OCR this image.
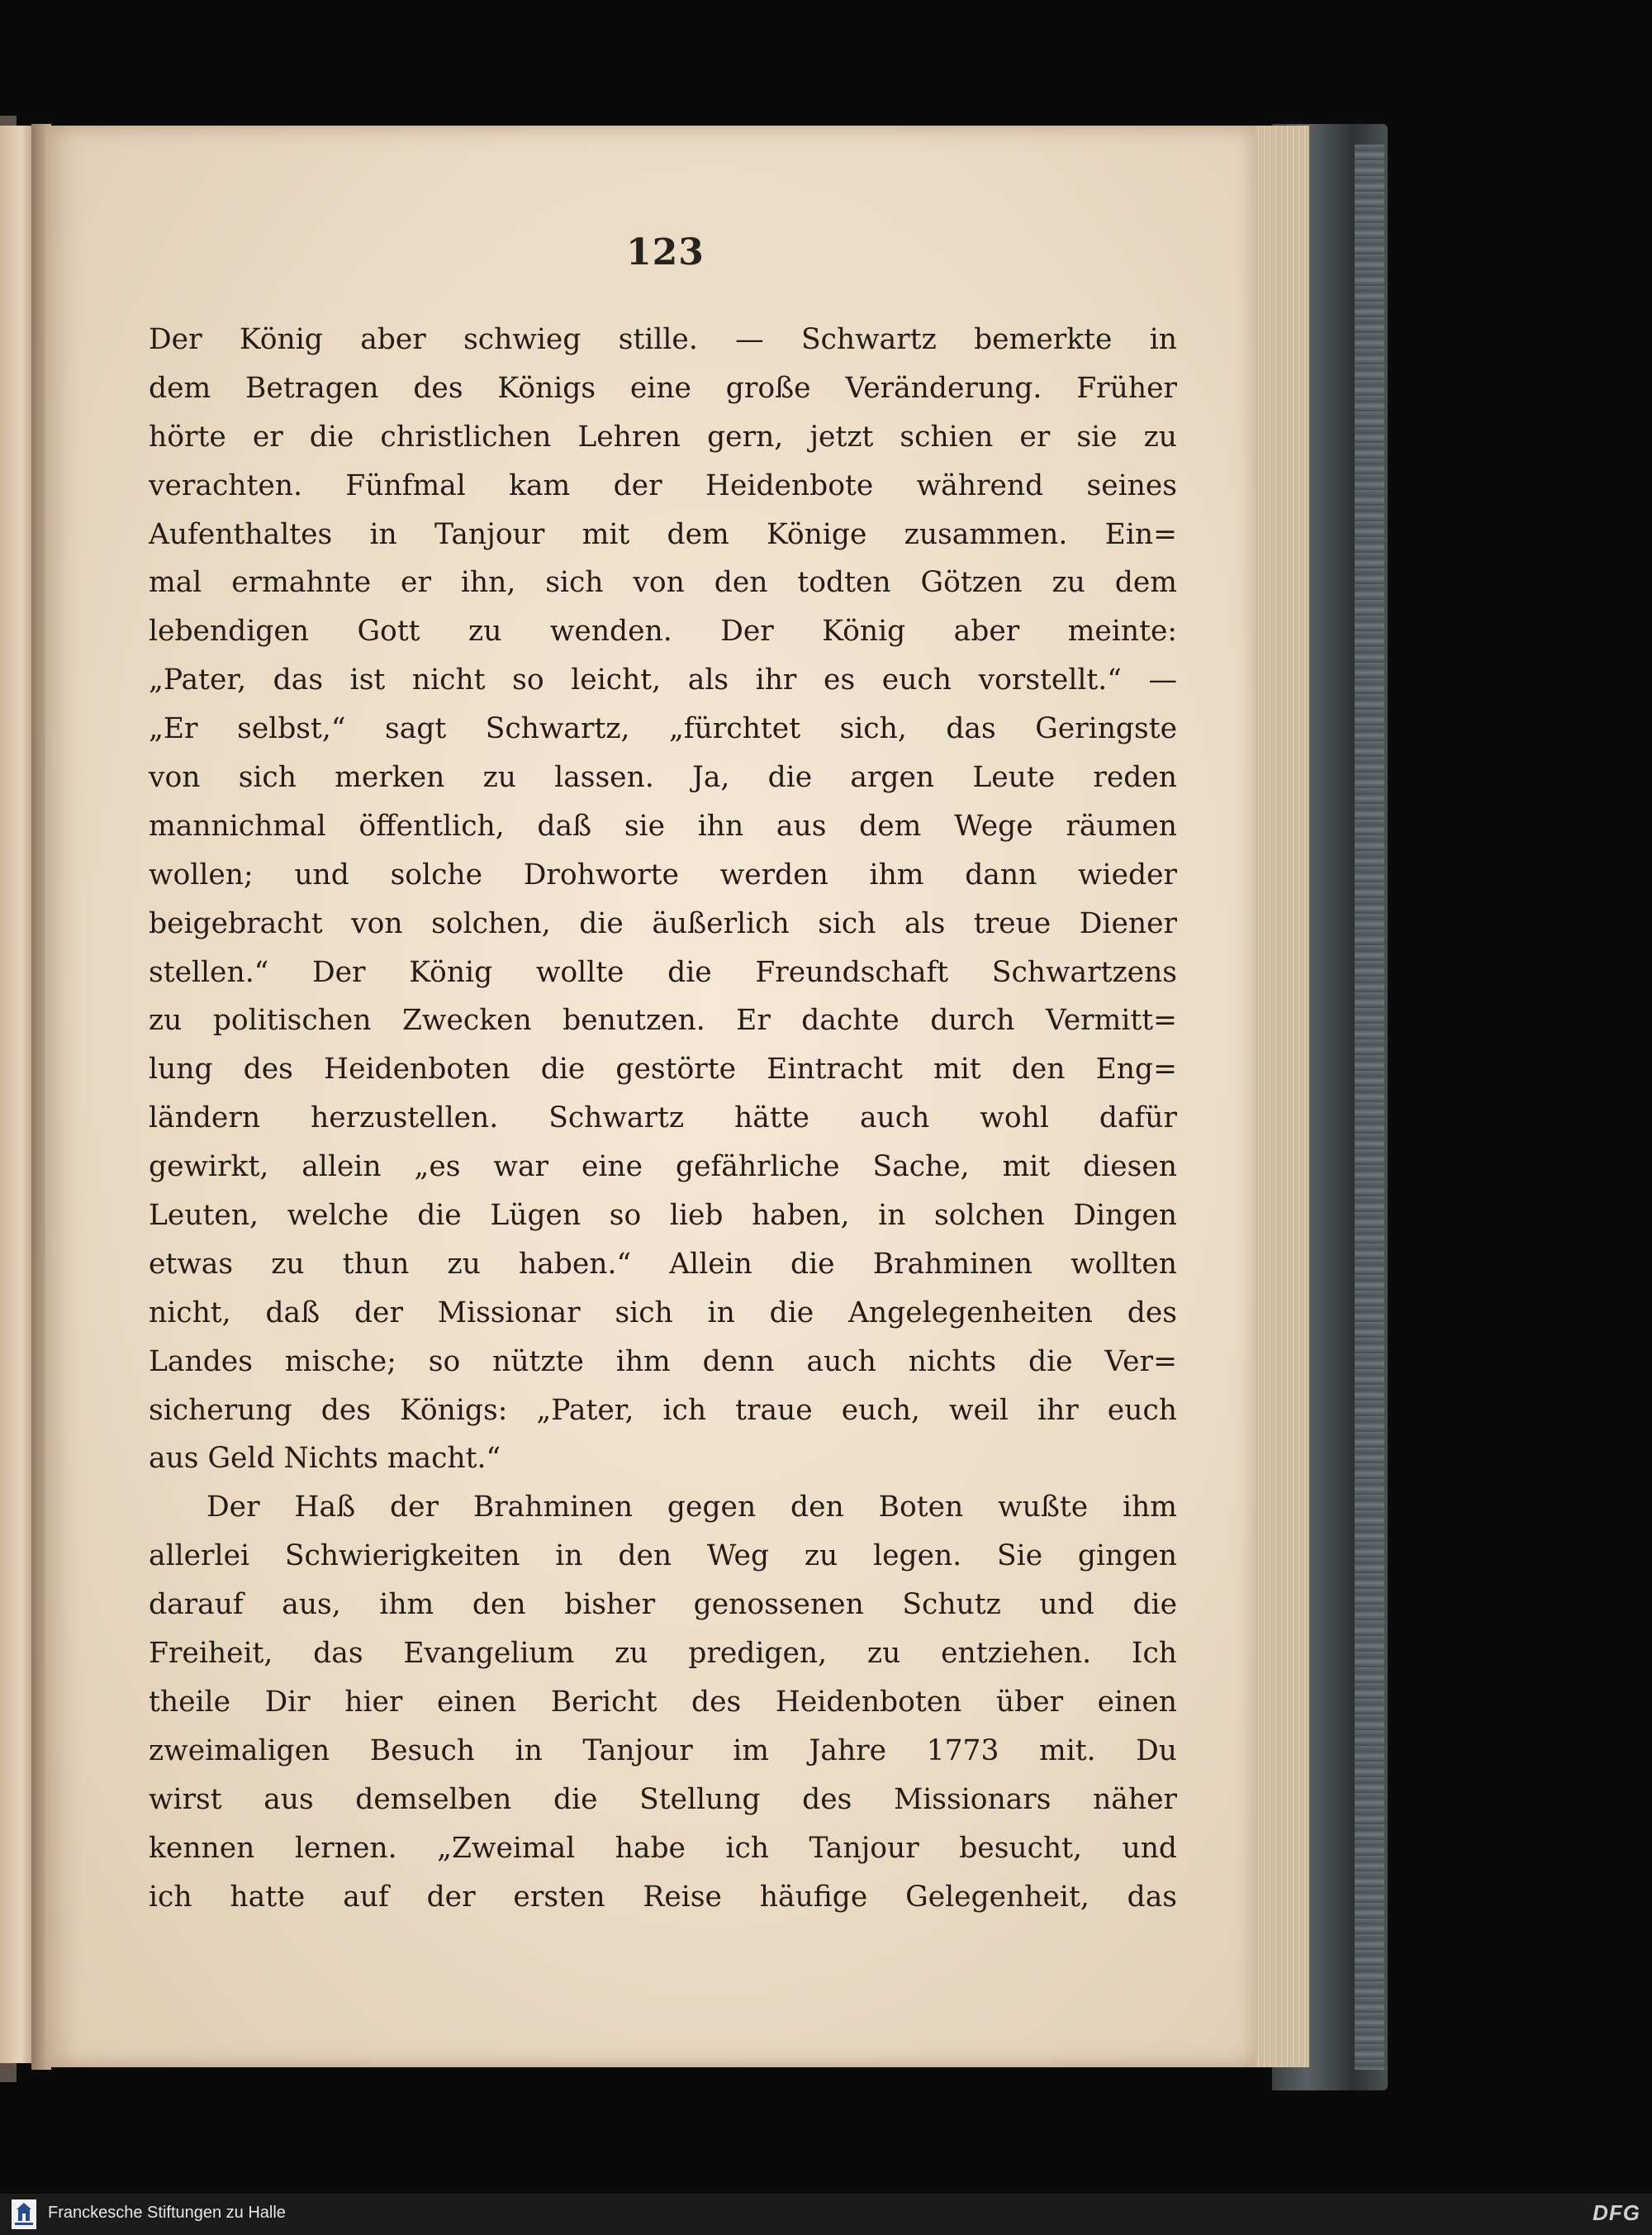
123
Der König aber schwieg stille. — Schwartz bemerkte in
dem Betragen des Königs eine große Veränderung. Früher
hörte er die christlichen Lehren gern, jetzt schien er sie zu
verachten. Fünfmal kam der Heidenbote während seines
Aufenthaltes in Tanjour mit dem Könige zusammen. Ein=
mal ermahnte er ihn, sich von den todten Götzen zu dem
lebendigen Gott zu wenden. Der König aber meinte:
„Pater, das ist nicht so leicht, als ihr es euch vorstellt.“ —
„Er selbst,“ sagt Schwartz, „fürchtet sich, das Geringste
von sich merken zu lassen. Ja, die argen Leute reden
mannichmal öffentlich, daß sie ihn aus dem Wege räumen
wollen; und solche Drohworte werden ihm dann wieder
beigebracht von solchen, die äußerlich sich als treue Diener
stellen.“ Der König wollte die Freundschaft Schwartzens
zu politischen Zwecken benutzen. Er dachte durch Vermitt=
lung des Heidenboten die gestörte Eintracht mit den Eng=
ländern herzustellen. Schwartz hätte auch wohl dafür
gewirkt, allein „es war eine gefährliche Sache, mit diesen
Leuten, welche die Lügen so lieb haben, in solchen Dingen
etwas zu thun zu haben.“ Allein die Brahminen wollten
nicht, daß der Missionar sich in die Angelegenheiten des
Landes mische; so nützte ihm denn auch nichts die Ver=
sicherung des Königs: „Pater, ich traue euch, weil ihr euch
aus Geld Nichts macht.“
Der Haß der Brahminen gegen den Boten wußte ihm
allerlei Schwierigkeiten in den Weg zu legen. Sie gingen
darauf aus, ihm den bisher genossenen Schutz und die
Freiheit, das Evangelium zu predigen, zu entziehen. Ich
theile Dir hier einen Bericht des Heidenboten über einen
zweimaligen Besuch in Tanjour im Jahre 1773 mit. Du
wirst aus demselben die Stellung des Missionars näher
kennen lernen. „Zweimal habe ich Tanjour besucht, und
ich hatte auf der ersten Reise häufige Gelegenheit, das
Franckesche Stiftungen zu Halle	DFG
